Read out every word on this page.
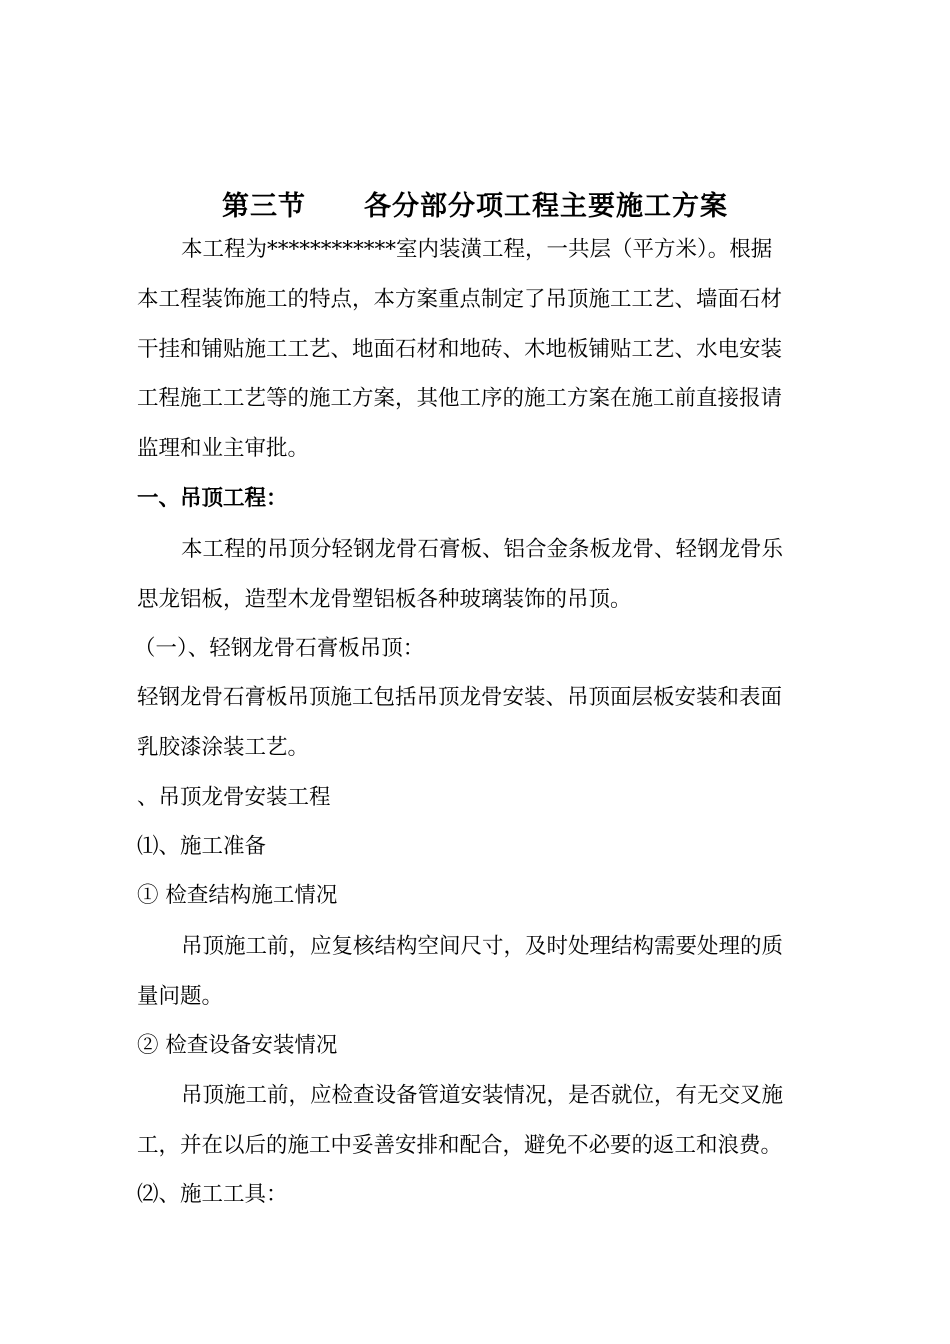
第三节 各分部分项工程主要施工方案
本工程为************室内装潢工程，一共层（平方米）。根据
本工程装饰施工的特点，本方案重点制定了吊顶施工工艺、墙面石材
干挂和铺贴施工工艺、地面石材和地砖、木地板铺贴工艺、水电安装
工程施工工艺等的施工方案，其他工序的施工方案在施工前直接报请
监理和业主审批。
一、吊顶工程：
本工程的吊顶分轻钢龙骨石膏板、铝合金条板龙骨、轻钢龙骨乐
思龙铝板，造型木龙骨塑铝板各种玻璃装饰的吊顶。
（一）、轻钢龙骨石膏板吊顶：
轻钢龙骨石膏板吊顶施工包括吊顶龙骨安装、吊顶面层板安装和表面
乳胶漆涂装工艺。
、吊顶龙骨安装工程
⑴、施工准备
① 检查结构施工情况
吊顶施工前，应复核结构空间尺寸，及时处理结构需要处理的质
量问题。
② 检查设备安装情况
吊顶施工前，应检查设备管道安装情况，是否就位，有无交叉施
工，并在以后的施工中妥善安排和配合，避免不必要的返工和浪费。
⑵、施工工具：
